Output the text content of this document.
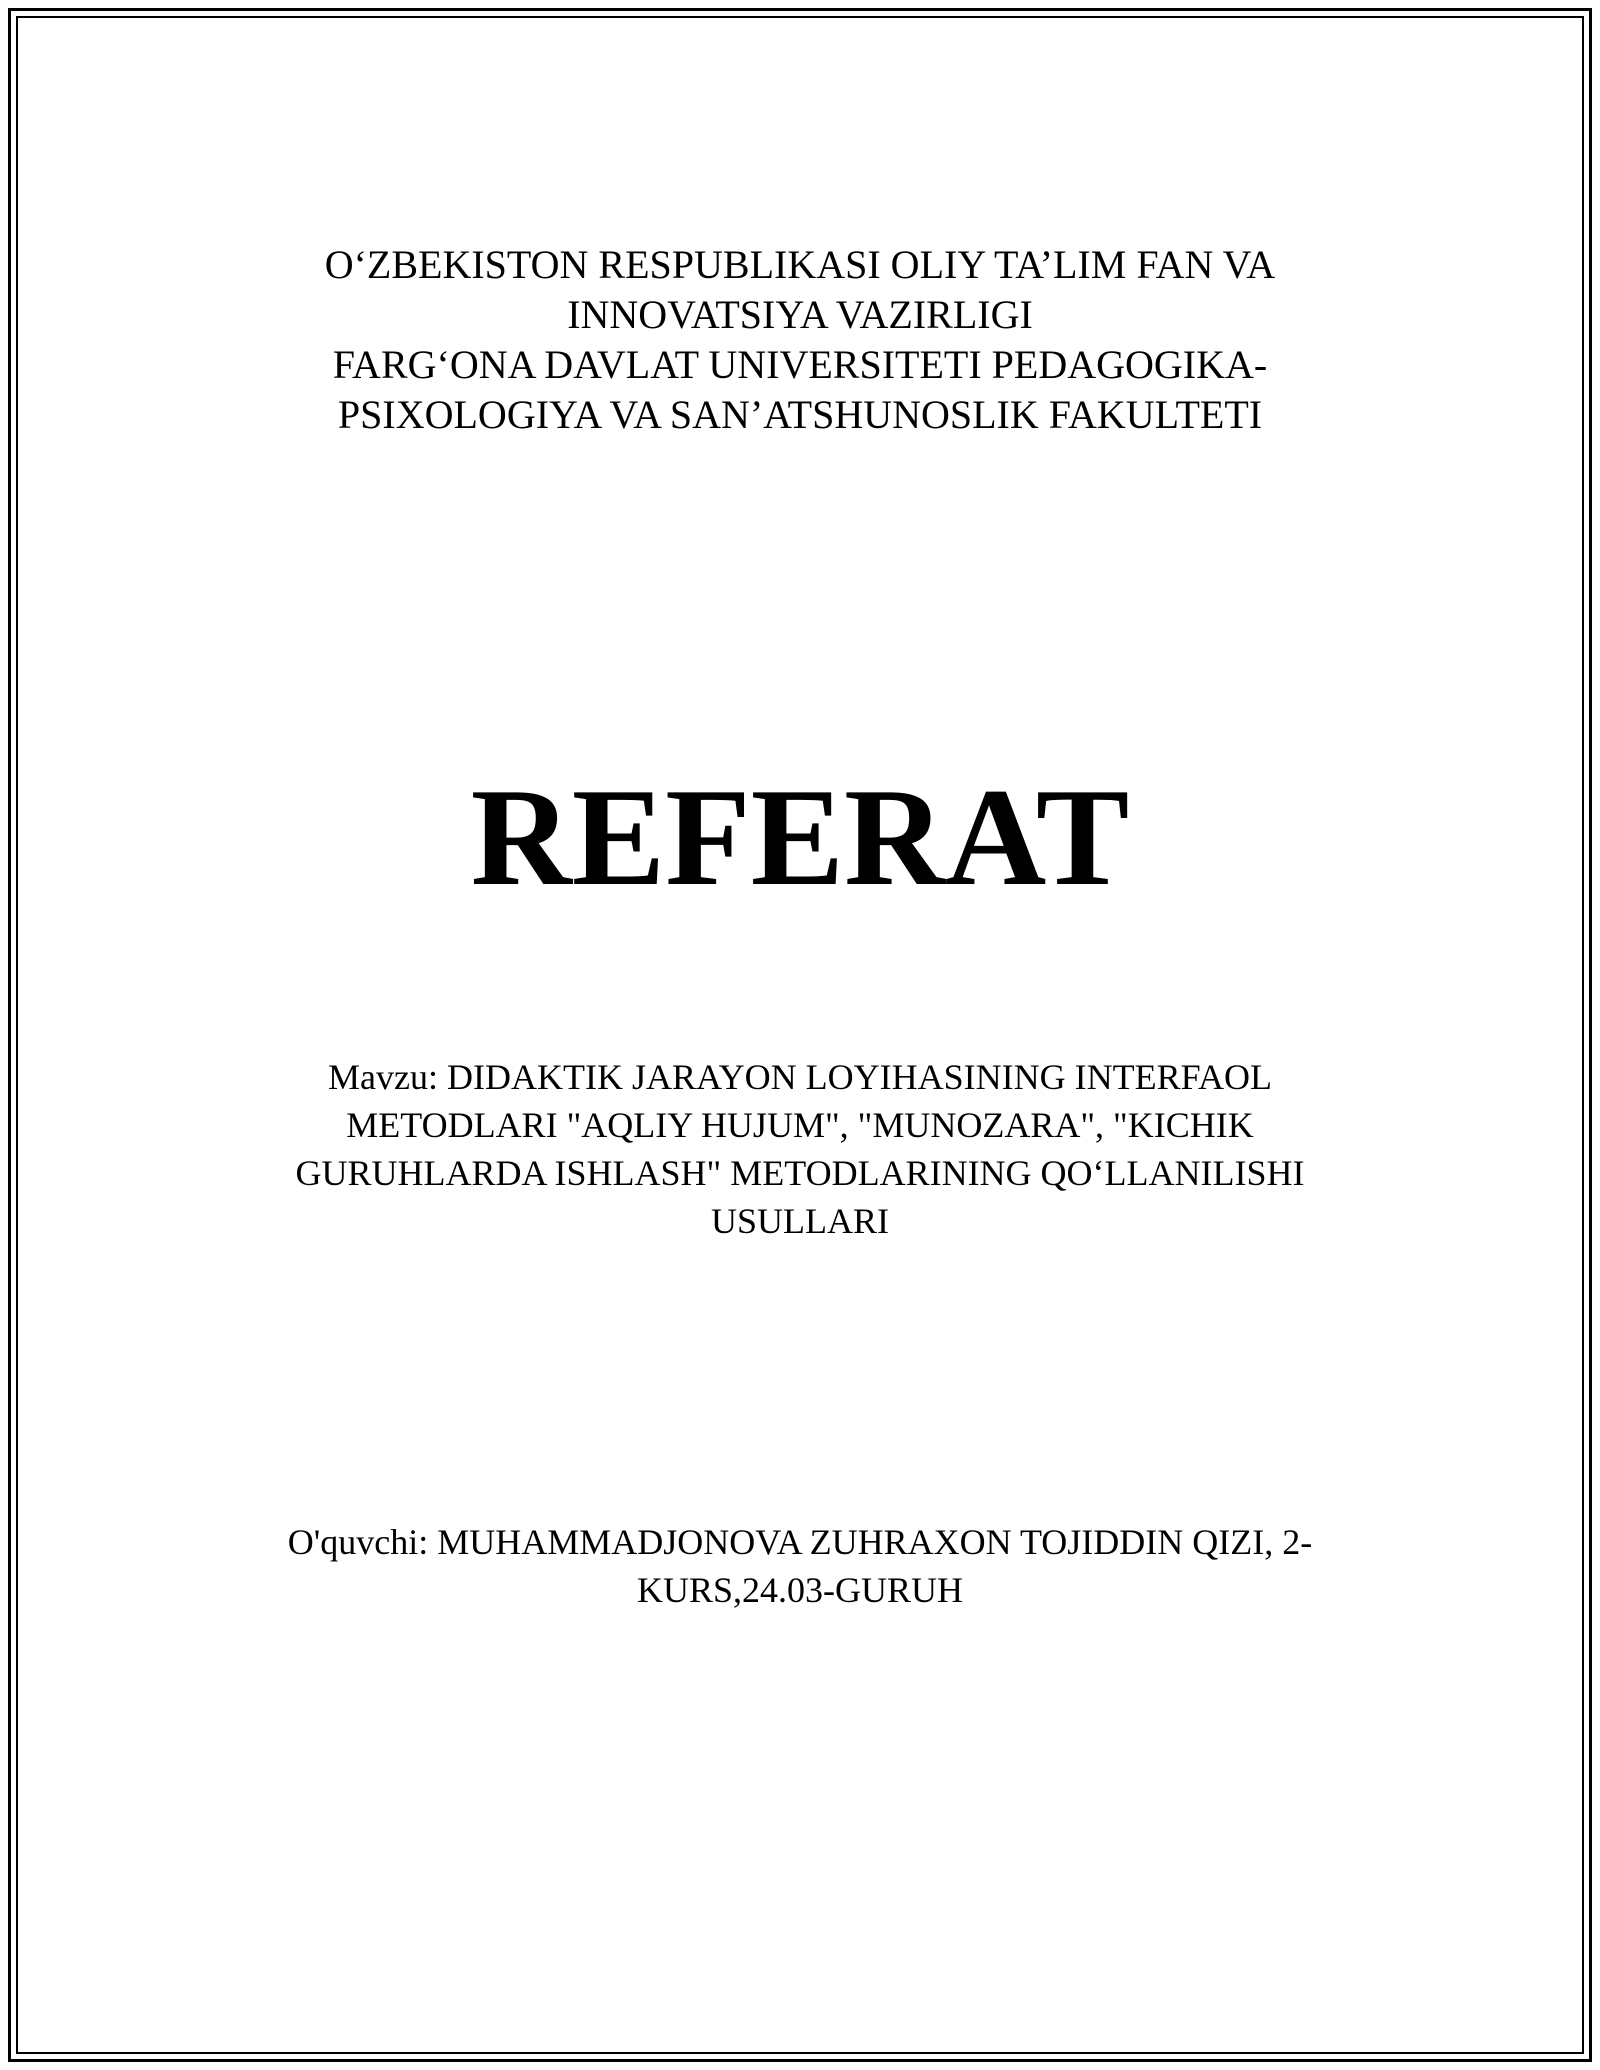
O‘ZBEKISTON RESPUBLIKASI OLIY TA’LIM FAN VA
INNOVATSIYA VAZIRLIGI
FARG‘ONA DAVLAT UNIVERSITETI PEDAGOGIKA-
PSIXOLOGIYA VA SAN’ATSHUNOSLIK FAKULTETI
REFERAT
Mavzu: DIDAKTIK JARAYON LOYIHASINING INTERFAOL
METODLARI "AQLIY HUJUM", "MUNOZARA", "KICHIK
GURUHLARDA ISHLASH" METODLARINING QO‘LLANILISHI
USULLARI
O'quvchi: MUHAMMADJONOVA ZUHRAXON TOJIDDIN QIZI, 2-
KURS,24.03-GURUH
